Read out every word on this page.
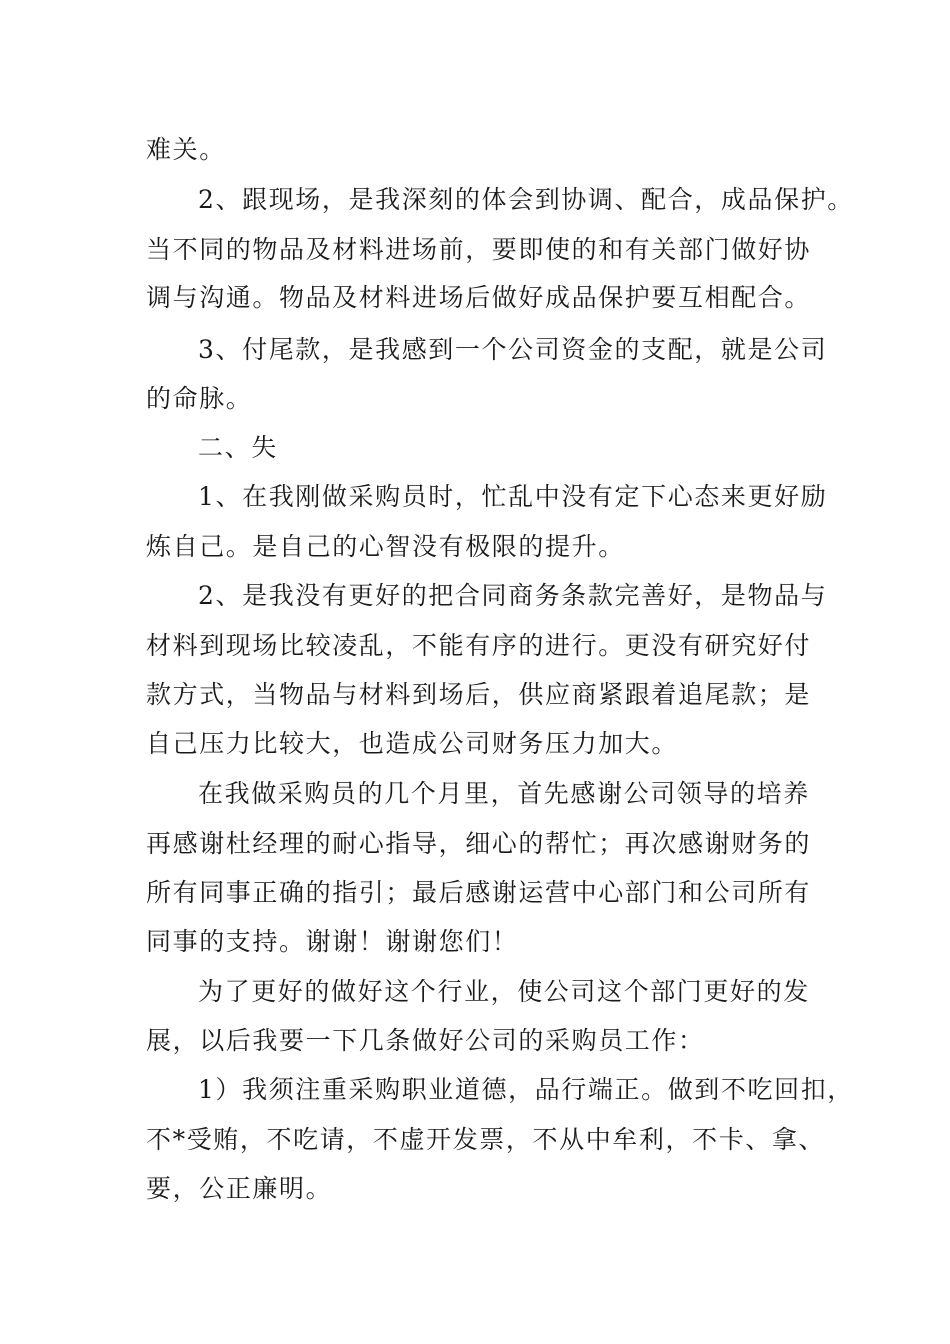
难关。
2、跟现场，是我深刻的体会到协调、配合，成品保护。
当不同的物品及材料进场前，要即使的和有关部门做好协
调与沟通。物品及材料进场后做好成品保护要互相配合。
3、付尾款，是我感到一个公司资金的支配，就是公司
的命脉。
二、失
1、在我刚做采购员时，忙乱中没有定下心态来更好励
炼自己。是自己的心智没有极限的提升。
2、是我没有更好的把合同商务条款完善好，是物品与
材料到现场比较凌乱，不能有序的进行。更没有研究好付
款方式，当物品与材料到场后，供应商紧跟着追尾款；是
自己压力比较大，也造成公司财务压力加大。
在我做采购员的几个月里，首先感谢公司领导的培养
再感谢杜经理的耐心指导，细心的帮忙；再次感谢财务的
所有同事正确的指引；最后感谢运营中心部门和公司所有
同事的支持。谢谢！谢谢您们！
为了更好的做好这个行业，使公司这个部门更好的发
展，以后我要一下几条做好公司的采购员工作：
1）我须注重采购职业道德，品行端正。做到不吃回扣，
不*受贿，不吃请，不虚开发票，不从中牟利，不卡、拿、
要，公正廉明。
